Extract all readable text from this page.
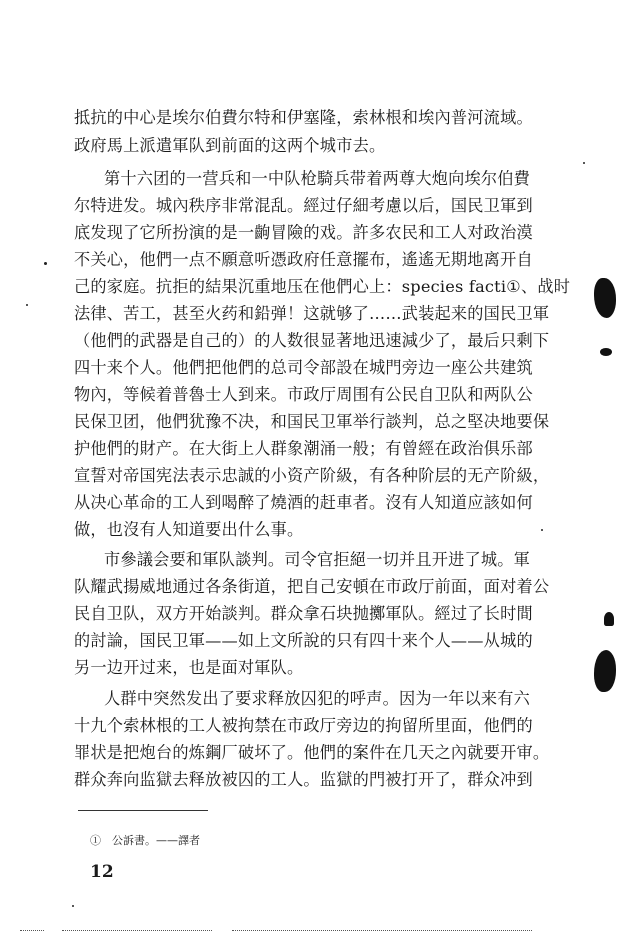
抵抗的中心是埃尔伯費尔特和伊塞隆，索林根和埃內普河流域。
政府馬上派遣軍队到前面的这两个城市去。
第十六团的一营兵和一中队枪騎兵带着两尊大炮向埃尔伯費
尔特进发。城內秩序非常混乱。經过仔細考慮以后，国民卫軍到
底发现了它所扮演的是一齣冒險的戏。許多农民和工人对政治漠
不关心，他們一点不願意听憑政府任意擺布，遙遙无期地离开自
己的家庭。抗拒的結果沉重地压在他們心上：species facti①、战时
法律、苦工，甚至火药和鉛弹！这就够了……武装起来的国民卫軍
（他們的武器是自己的）的人数很显著地迅速減少了，最后只剩下
四十来个人。他們把他們的总司令部設在城門旁边一座公共建筑
物內，等候着普魯士人到来。市政厅周围有公民自卫队和两队公
民保卫团，他們犹豫不决，和国民卫軍举行談判，总之堅决地要保
护他們的財产。在大街上人群象潮涌一般；有曾經在政治俱乐部
宣誓对帝国宪法表示忠誠的小资产阶級，有各种阶层的无产阶級，
从决心革命的工人到喝醉了燒酒的赶車者。沒有人知道应該如何
做，也沒有人知道要出什么事。
市參議会要和軍队談判。司令官拒絕一切并且开进了城。軍
队耀武揚威地通过各条街道，把自己安頓在市政厅前面，面对着公
民自卫队，双方开始談判。群众拿石块抛擲軍队。經过了长时間
的討論，国民卫軍——如上文所說的只有四十来个人——从城的
另一边开过来，也是面对軍队。
人群中突然发出了要求释放囚犯的呼声。因为一年以来有六
十九个索林根的工人被拘禁在市政厅旁边的拘留所里面，他們的
罪状是把炮台的炼鋼厂破坏了。他們的案件在几天之內就要开审。
群众奔向监獄去释放被囚的工人。监獄的門被打开了，群众冲到
①　公訴書。——譯者
12
